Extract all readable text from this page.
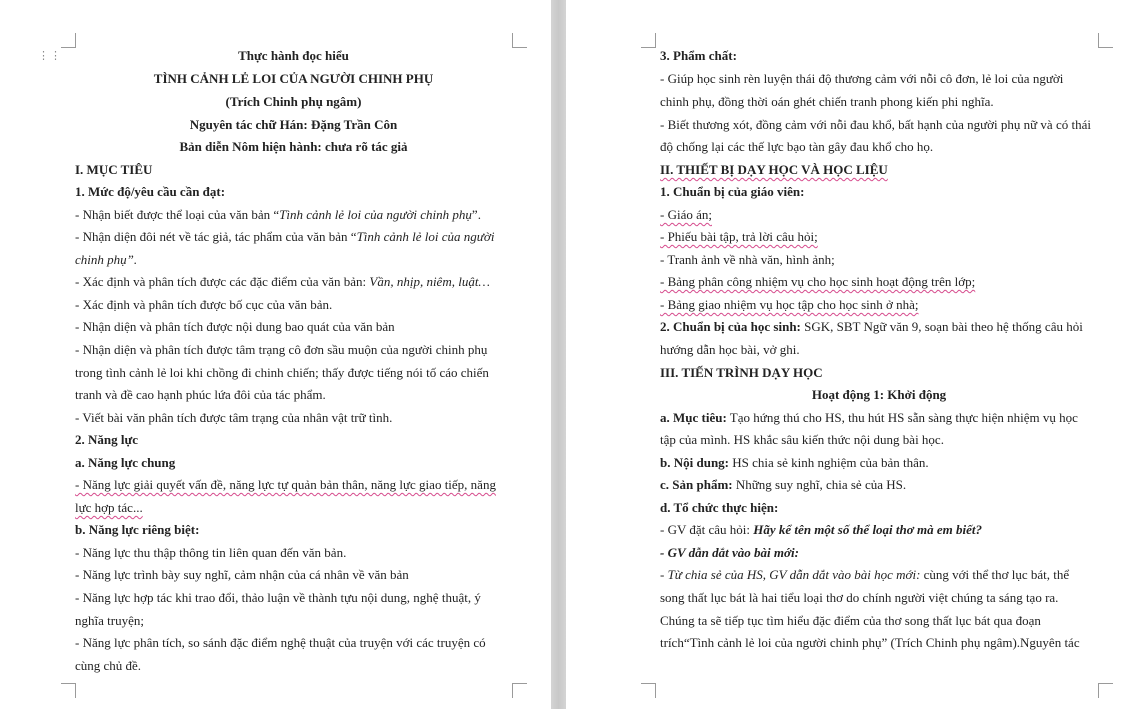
⋮⋮	Thực hành đọc hiểu
TÌNH CẢNH LẺ LOI CỦA NGƯỜI CHINH PHỤ
(Trích Chinh phụ ngâm)
Nguyên tác chữ Hán: Đặng Trần Côn
Bản diễn Nôm hiện hành: chưa rõ tác giả
I. MỤC TIÊU
1. Mức độ/yêu cầu cần đạt:
- Nhận biết được thể loại của văn bản “Tình cảnh lẻ loi của người chinh phụ”.
- Nhận diện đôi nét về tác giả, tác phẩm của văn bản “Tình cảnh lẻ loi của người
chinh phụ”.
- Xác định và phân tích được các đặc điểm của văn bản: Vần, nhịp, niêm, luật…
- Xác định và phân tích được bố cục của văn bản.
- Nhận diện và phân tích được nội dung bao quát của văn bản
- Nhận diện và phân tích được tâm trạng cô đơn sầu muộn của người chinh phụ
trong tình cảnh lẻ loi khi chồng đi chinh chiến; thấy được tiếng nói tố cáo chiến
tranh và đề cao hạnh phúc lứa đôi của tác phẩm.
- Viết bài văn phân tích được tâm trạng của nhân vật trữ tình.
2. Năng lực
a. Năng lực chung
- Năng lực giải quyết vấn đề, năng lực tự quản bản thân, năng lực giao tiếp, năng
lực hợp tác...
b. Năng lực riêng biệt:
- Năng lực thu thập thông tin liên quan đến văn bản.
- Năng lực trình bày suy nghĩ, cảm nhận của cá nhân về văn bản
- Năng lực hợp tác khi trao đổi, thảo luận về thành tựu nội dung, nghệ thuật, ý
nghĩa truyện;
- Năng lực phân tích, so sánh đặc điểm nghệ thuật của truyện với các truyện có
cùng chủ đề.
3. Phẩm chất:
- Giúp học sinh rèn luyện thái độ thương cảm với nỗi cô đơn, lẻ loi của người
chinh phụ, đồng thời oán ghét chiến tranh phong kiến phi nghĩa.
- Biết thương xót, đồng cảm với nỗi đau khổ, bất hạnh của người phụ nữ và có thái
độ chống lại các thế lực bạo tàn gây đau khổ cho họ.
II. THIẾT BỊ DẠY HỌC VÀ HỌC LIỆU
1. Chuẩn bị của giáo viên:
- Giáo án;
- Phiếu bài tập, trả lời câu hỏi;
- Tranh ảnh về nhà văn, hình ảnh;
- Bảng phân công nhiệm vụ cho học sinh hoạt động trên lớp;
- Bảng giao nhiệm vụ học tập cho học sinh ở nhà;
2. Chuẩn bị của học sinh: SGK, SBT Ngữ văn 9, soạn bài theo hệ thống câu hỏi
hướng dẫn học bài, vở ghi.
III. TIẾN TRÌNH DẠY HỌC
Hoạt động 1: Khởi động
a. Mục tiêu: Tạo hứng thú cho HS, thu hút HS sẵn sàng thực hiện nhiệm vụ học
tập của mình. HS khắc sâu kiến thức nội dung bài học.
b. Nội dung: HS chia sẻ kinh nghiệm của bản thân.
c. Sản phẩm: Những suy nghĩ, chia sẻ của HS.
d. Tổ chức thực hiện:
- GV đặt câu hỏi: Hãy kể tên một số thể loại thơ mà em biết?
- GV dẫn dắt vào bài mới:
- Từ chia sẻ của HS, GV dẫn dắt vào bài học mới: cùng với thể thơ lục bát, thể
song thất lục bát là hai tiểu loại thơ do chính người việt chúng ta sáng tạo ra.
Chúng ta sẽ tiếp tục tìm hiểu đặc điểm của thơ song thất lục bát qua đoạn
trích“Tình cảnh lẻ loi của người chinh phụ” (Trích Chinh phụ ngâm).Nguyên tác
